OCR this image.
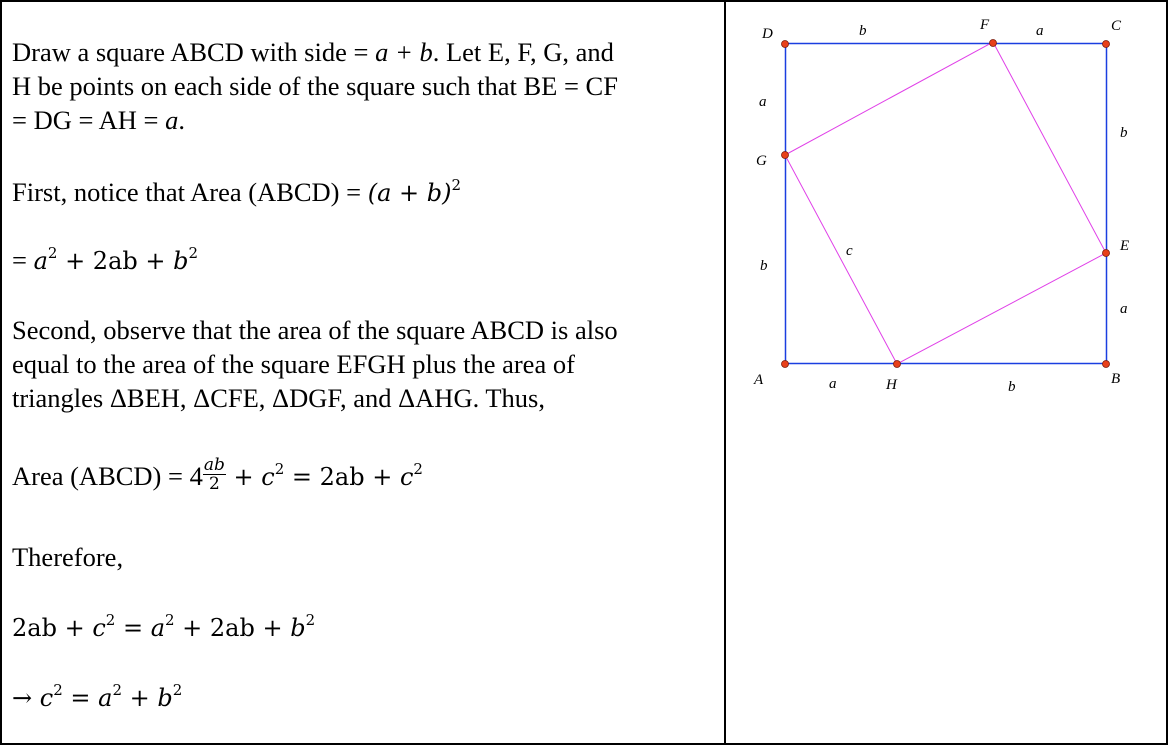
Draw a square ABCD with side = a + b. Let E, F, G, and
H be points on each side of the square such that BE = CF
= DG = AH = a.

First, notice that Area (ABCD) = $(a + b)^2$

= $a^2 + 2ab + b^2$

Second, observe that the area of the square ABCD is also
equal to the area of the square EFGH plus the area of
triangles ΔBEH, ΔCFE, ΔDGF, and ΔAHG. Thus,

Area (ABCD) = $4 \frac{ab}{2} + c^2 = 2ab + c^2$

Therefore,

$2ab + c^2 = a^2 + 2ab + b^2$

→ $c^2 = a^2 + b^2$

D
F	C
G
E
A	H	B
b	a
a
b
b
a
a	b
c
